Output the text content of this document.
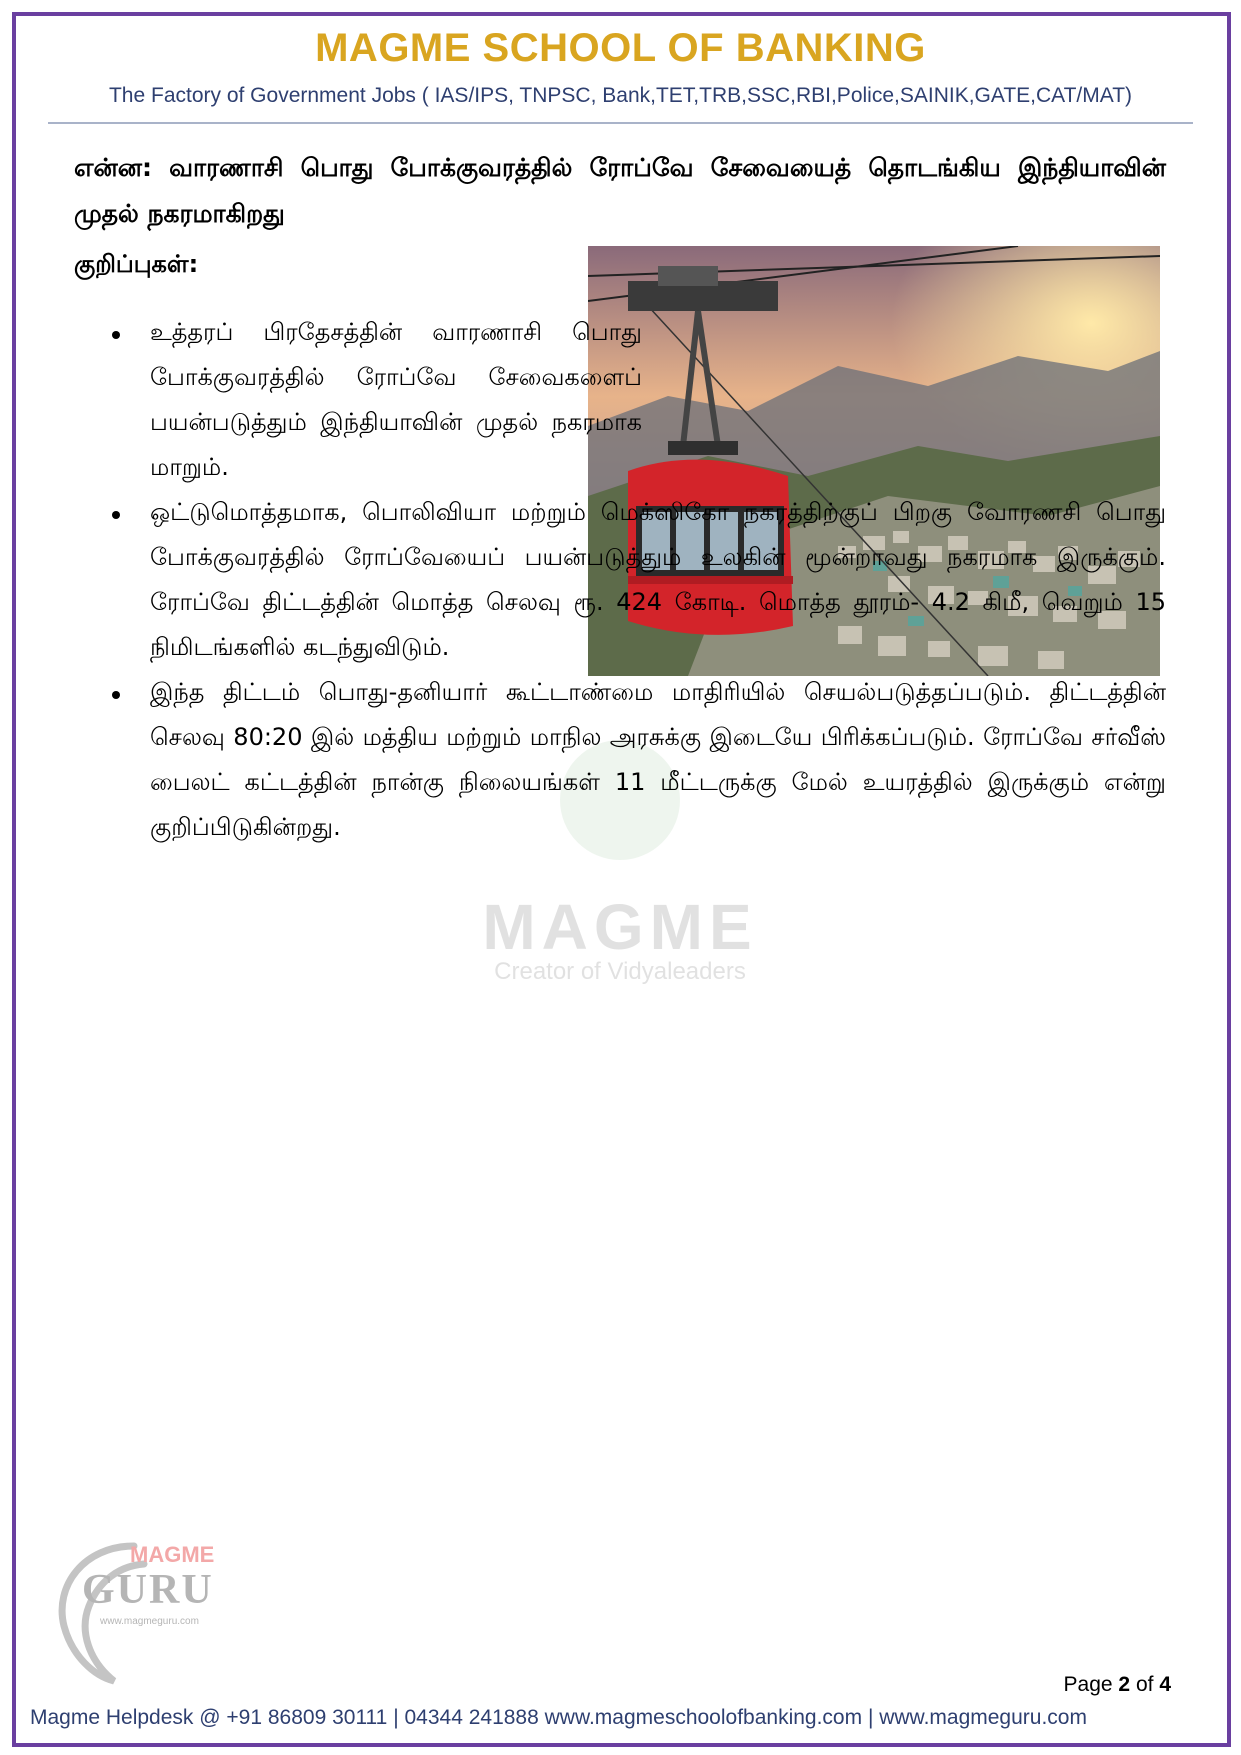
MAGME SCHOOL OF BANKING
The Factory of Government Jobs ( IAS/IPS, TNPSC, Bank,TET,TRB,SSC,RBI,Police,SAINIK,GATE,CAT/MAT)
என்ன: வாரணாசி பொது போக்குவரத்தில் ரோப்வே சேவையைத் தொடங்கிய இந்தியாவின் முதல் நகரமாகிறது
குறிப்புகள்:
உத்தரப் பிரதேசத்தின் வாரணாசி பொது போக்குவரத்தில் ரோப்வே சேவைகளைப் பயன்படுத்தும் இந்தியாவின் முதல் நகரமாக மாறும்.
ஒட்டுமொத்தமாக, பொலிவியா மற்றும் மெக்ஸிகோ நகரத்திற்குப் பிறகு வோரணசி பொது போக்குவரத்தில் ரோப்வேயைப் பயன்படுத்தும் உலகின் மூன்றாவது நகரமாக இருக்கும். ரோப்வே திட்டத்தின் மொத்த செலவு ரூ. 424 கோடி. மொத்த தூரம்- 4.2 கிமீ, வெறும் 15 நிமிடங்களில் கடந்துவிடும்.
இந்த திட்டம் பொது-தனியார் கூட்டாண்மை மாதிரியில் செயல்படுத்தப்படும். திட்டத்தின் செலவு 80:20 இல் மத்திய மற்றும் மாநில அரசுக்கு இடையே பிரிக்கப்படும். ரோப்வே சர்வீஸ் பைலட் கட்டத்தின் நான்கு நிலையங்கள் 11 மீட்டருக்கு மேல் உயரத்தில் இருக்கும் என்று குறிப்பிடுகின்றது.
MAGME
Creator of Vidyaleaders
MAGME
GURU
www.magmeguru.com
Page 2 of 4
Magme Helpdesk @ +91 86809 30111 | 04344 241888 www.magmeschoolofbanking.com | www.magmeguru.com
